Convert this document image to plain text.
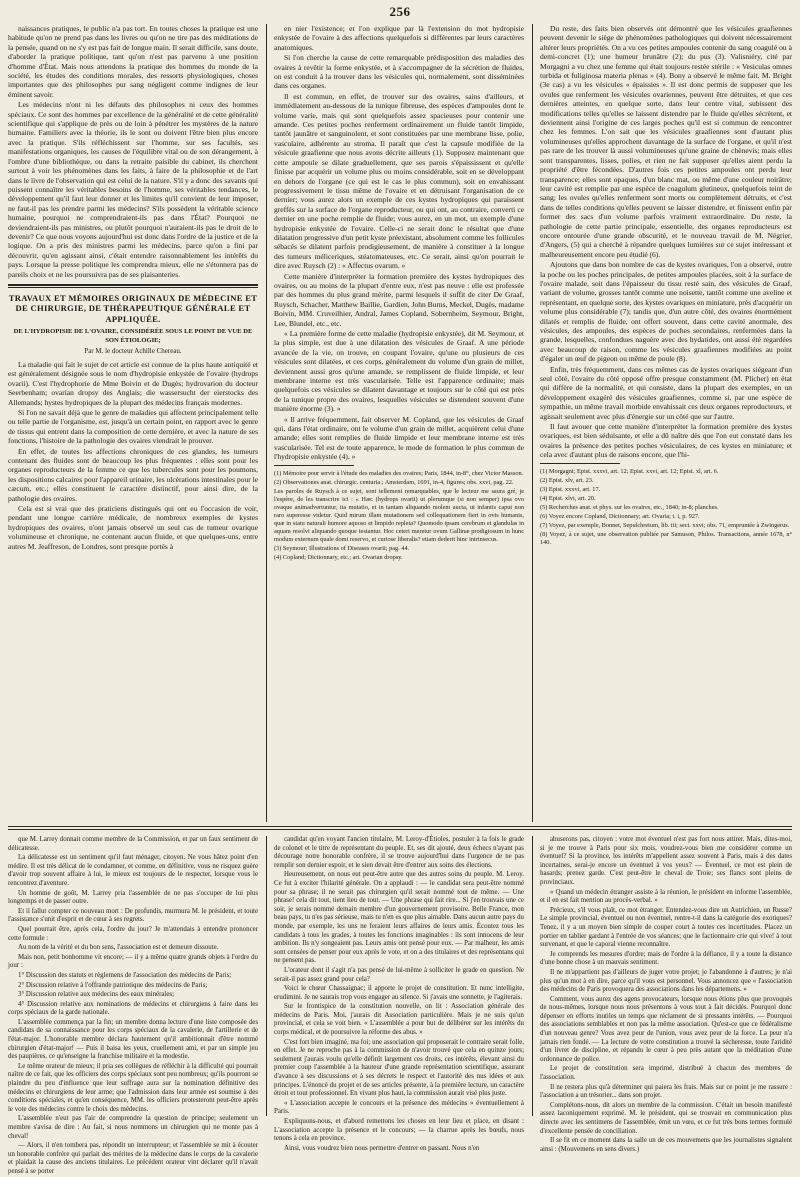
256

naissances pratiques, le public n'a pas tort. En toutes choses la pratique est une habitude qu'on ne prend pas dans les livres ou qu'on ne tire pas des méditations de la pensée, quand on ne s'y est pas fait de longue main. Il serait difficile, sans doute, d'aborder la pratique politique, tant qu'on n'est pas parvenu à une position d'homme d'État. Mais nous attendons la pratique des hommes du monde de la société, les études des conditions morales, des ressorts physiologiques, choses importantes que des philosophes pur sang négligent comme indignes de leur éminent savoir.

Les médecins n'ont ni les défauts des philosophes ni ceux des hommes spéciaux. Ce sont des hommes par excellence de la généralité et de cette généralité scientifique qui s'applique de près ou de loin à pénétrer les mystères de la nature humaine. Familiers avec la théorie, ils le sont ou doivent l'être bien plus encore avec la pratique. S'ils réfléchissent sur l'homme, sur ses facultés, ses manifestations organiques, les causes de l'équilibre vital ou de son dérangement, à l'ombre d'une bibliothèque, ou dans la retraite paisible du cabinet, ils cherchent surtout à voir les phénomènes dans les faits, à faire de la philosophie et de l'art dans le livre de l'observation qui est celui de la nature. S'il y a donc des savants qui puissent connaître les véritables besoins de l'homme, ses véritables tendances, le développement qu'il faut leur donner et les limites qu'il convient de leur imposer, ne faut-il pas les prendre parmi les médecins? S'ils possèdent la véritable science humaine, pourquoi ne comprendraient-ils pas dans l'État? Pourquoi ne deviendraient-ils pas ministres, ou plutôt pourquoi n'auraient-ils pas le droit de le devenir? Ce que nous voyons aujourd'hui est donc dans l'ordre de la justice et de la logique. On a pris des ministres parmi les médecins, parce qu'on a fini par découvrir, qu'en agissant ainsi, c'était entendre raisonnablement les intérêts du pays. Lorsque la presse politique les comprendra mieux, elle ne s'étonnera pas de pareils choix et ne les poursuivra pas de ses plaisanteries.

TRAVAUX ET MÉMOIRES ORIGINAUX DE MÉDECINE ET DE CHIRURGIE, DE THÉRAPEUTIQUE GÉNÉRALE ET APPLIQUÉE.
DE L'HYDROPISIE DE L'OVAIRE, CONSIDÉRÉE SOUS LE POINT DE VUE DE SON ÉTIOLOGIE;
Par M. le docteur Achille Chereau.

La maladie qui fait le sujet de cet article est connue de la plus haute antiquité et est généralement désignée sous le nom d'hydropisie enkystée de l'ovaire (hydrops ovarii). C'est l'hydrophorie de Mme Boivin et de Dugès; hydrovarion du docteur Seerbenham; ovarian dropsy des Anglais; die wassersucht der eierstocks des Allemands; hystes hydropiques de la plupart des médecins français modernes.

Si l'on ne savait déjà que le genre de maladies qui affectent principalement telle ou telle partie de l'organisme, est, jusqu'à un certain point, en rapport avec le genre de tissus qui entrent dans la composition de cette dernière, et avec la nature de ses fonctions, l'histoire de la pathologie des ovaires viendrait le prouver.

En effet, de toutes les affections chroniques de ces glandes, les tumeurs contenant des fluides sont de beaucoup les plus fréquentes : elles sont pour les organes reproducteurs de la femme ce que les tubercules sont pour les poumons, les dispositions calcaires pour l'appareil urinaire, les ulcérations intestinales pour le cæcum, etc.; elles constituent le caractère distinctif, pour ainsi dire, de la pathologie des ovaires.

Cela est si vrai que des praticiens distingués qui ont eu l'occasion de voir, pendant une longue carrière médicale, de nombreux exemples de kystes hydropiques des ovaires, n'ont jamais observé un seul cas de tumeur ovarique volumineuse et chronique, ne contenant aucun fluide, et que quelques-uns, entre autres M. Jeaffreson, de Londres, sont presque portés à

en nier l'existence; et l'on explique par là l'extension du mot hydropisie enkystée de l'ovaire à des affections quelquefois si différentes par leurs caractères anatomiques.

Si l'on cherche la cause de cette remarquable prédisposition des maladies des ovaires à revêtir la forme enkystée, et à s'accompagner de la sécrétion de fluides, on est conduit à la trouver dans les vésicules qui, normalement, sont disséminées dans ces organes.

Il est commun, en effet, de trouver sur des ovaires, sains d'ailleurs, et immédiatement au-dessous de la tunique fibreuse, des espèces d'ampoules dont le volume varie, mais qui sont quelquefois assez spacieuses pour contenir une amande. Ces petites poches renferment ordinairement un fluide tantôt limpide, tantôt jaunâtre et sanguinolent, et sont constituées par une membrane lisse, polie, vasculaire, adhérente au stroma. Il paraît que c'est la capsule modifiée de la vésicule graafienne que nous avons décrite ailleurs (1). Supposez maintenant que cette ampoule se dilate graduellement, que ses parois s'épaississent et qu'elle finisse par acquérir un volume plus ou moins considérable, soit en se développant en dehors de l'organe (ce qui est le cas le plus commun), soit en envahissant progressivement le tissu même de l'ovaire et en détruisant l'organisation de ce dernier; vous aurez alors un exemple de ces kystes hydropiques qui paraissent greffés sur la surface de l'organe reproducteur, ou qui ont, au contraire, converti ce dernier en une poche remplie de fluide; vous aurez, en un mot, un exemple d'une hydropisie enkystée de l'ovaire. Celle-ci ne serait donc le résultat que d'une dilatation progressive d'un petit kyste préexistant, absolument comme les follicules sébacés se dilatent parfois prodigieusement, de manière à constituer à la longue des tumeurs méliceriques, stéatomateuses, etc. Ce serait, ainsi qu'on pourrait le dire avec Ruysch (2) : « Affectus ovarum. »

Cette manière d'interpréter la formation première des kystes hydropiques des ovaires, ou au moins de la plupart d'entre eux, n'est pas neuve : elle est professée par des hommes du plus grand mérite, parmi lesquels il suffit de citer De Graaf, Ruysch, Schacher, Matthew Baillie, Gardien, John Burns, Meckel, Dugès, madame Boivin, MM. Cruveilhier, Andral, James Copland, Sobernheim, Seymour, Bright, Lee, Blundel, etc., etc.

« La première forme de cette maladie (hydropisie enkystée), dit M. Seymour, et la plus simple, est due à une dilatation des vésicules de Graaf. A une période avancée de la vie, on trouve, en coupant l'ovaire, qu'une ou plusieurs de ces vésicules sont dilatées, et ces corps, généralement du volume d'un grain de millet, deviennent aussi gros qu'une amande, se remplissent de fluide limpide, et leur membrane interne est très vascularisée. Telle est l'apparence ordinaire; mais quelquefois ces vésicules se dilatent davantage et toujours sur le côté qui est près de la tunique propre des ovaires, lesquelles vésicules se distendent souvent d'une manière énorme (3). »

« Il arrive fréquemment, fait observer M. Copland, que les vésicules de Graaf qui, dans l'état ordinaire, ont le volume d'un grain de millet, acquièrent celui d'une amande; elles sont remplies de fluide limpide et leur membrane interne est très vascularisée. Tel est de toute apparence, le mode de formation le plus commun de l'hydropisie enkystée (4). »

(1) Mémoire pour servir à l'étude des maladies des ovaires; Paris, 1844, in-8°, chez Victor Masson.

(2) Observationes anat. chirurgic. centuria.; Amsterdam, 1691, in-4, figures; obs. xxvi, pag. 22.

Les paroles de Ruysch à ce sujet, sont tellement remarquables, que le lecteur me saura gré, je l'espère, de les transcrire ici : « Hæc (hydrops ovarii) ut plerumque (si non semper) ipsa ovo ovaque animadvertuntur, ita mutatio, et in tantam aliquando molem aucta, ut infantis caput non raro superesse videtur. Quid mirum illam mutationem sed collequationem fieri in ovis humanis, quæ in statu naturali humore aquoso et limpido repleta? Quomodo ipsam cerebrum et glandulas in aquam resolvi aliquando quoque testantur. Hoc ceteri meretur ovum Gallinæ prodigiosum in hunc modum externum quale domi reservo, et curiose liberalis? etiam dederit hinc intrinsecus.

(3) Seymour; Illustrations of Diseases ovarii; pag. 44.

(4) Copland; Dictionnary, etc.; art. Ovarian dropsy.

Du reste, des faits bien observés ont démontré que les vésicules graafiennes peuvent devenir le siège de phénomènes pathologiques qui doivent nécessairement altérer leurs propriétés. On a vu ces petites ampoules contenir du sang coagulé ou à demi-concret (1); une humeur brunâtre (2); du pus (3). Valisniéry, cité par Morgagni a vu chez une femme qui était toujours restée stérile : « Vesiculas omnes turbida et fuliginosa materia plenas » (4). Bony a observé le même fait. M. Bright (3e cas) a vu les vésicules « épaissies ». Il est donc permis de supposer que les ovules que renferment les vésicules ovariennes, peuvent être détruites, et que ces dernières atteintes, en quelque sorte, dans leur centre vital, subissent des modifications telles qu'elles se laissent distendre par le fluide qu'elles sécrètent, et deviennent ainsi l'origine de ces larges poches qu'il est si commun de rencontrer chez les femmes. L'on sait que les vésicules graafiennes sont d'autant plus volumineuses qu'elles approchent davantage de la surface de l'organe, et qu'il n'est pas rare de les trouver là aussi volumineuses qu'une graine de chènevis; mais elles sont transparentes, lisses, polies, et rien ne fait supposer qu'elles aient perdu la propriété d'être fécondées. D'autres fois ces petites ampoules ont perdu leur transparence; elles sont opaques, d'un blanc mat, ou même d'une couleur noirâtre; leur cavité est remplie par une espèce de coagulum glutineux, quelquefois teint de sang; les ovules qu'elles renferment sont morts ou complètement détruits, et c'est dans de telles conditions qu'elles peuvent se laisser distendre, et finissent enfin par former des sacs d'un volume parfois vraiment extraordinaire. Du reste, la pathologie de cette partie principale, essentielle, des organes reproducteurs est encore entourée d'une grande obscurité, et le nouveau travail de M. Négrier, d'Angers, (5) qui a cherché à répandre quelques lumières sur ce sujet intéressant et malheureusement encore peu étudié (6).

Ajoutons que dans bon nombre de cas de kystes ovariques, l'on a observé, outre la poche ou les poches principales, de petites ampoules placées, soit à la surface de l'ovaire malade, soit dans l'épaisseur du tissu resté sain, des vésicules de Graaf, variant de volume, grosses tantôt comme une noisette, tantôt comme une aveline et représentant, en quelque sorte, des kystes ovariques en miniature, près d'acquérir un volume plus considérable (7); tandis que, d'un autre côté, des ovaires énormément dilatés et remplis de fluide, ont offert souvent, dans cette cavité anormale, des vésicules, des ampoules, des espèces de poches secondaires, renfermées dans la grande, lesquelles, confondues naguère avec des hydatides, ont aussi été regardées avec beaucoup de raison, comme les vésicules graafiennes modifiées au point d'égaler un œuf de pigeon ou même de poule (8).

Enfin, très fréquemment, dans ces mêmes cas de kystes ovariques siégeant d'un seul côté, l'ovaire du côté opposé offre presque constamment (M. Plicher) en état qui diffère de la normalité, et qui consiste, dans la plupart des exemples, en un développement exagéré des vésicules graafiennes, comme si, par une espèce de sympathie, un même travail morbide envahissait ces deux organes reproducteurs, et agissait seulement avec plus d'énergie sur un côté que sur l'autre.

Il faut avouer que cette manière d'interpréter la formation première des kystes ovariques, est bien séduisante, et elle a dû naître dès que l'on eut constaté dans les ovaires la présence des petites poches vésiculaires, de ces kystes en miniature; et cela avec d'autant plus de raisons encore, que l'hi-

(1) Morgagni; Epist. xxxvi, art. 12; Epist. xxvi, art. 12; Epist. xl, art. 6.

(2) Epist. xlv, art. 23.

(3) Epist. xxxvi, art. 17.

(4) Epist. xlvi, art. 20.

(5) Recherches anat. et phys. sur les ovaires, etc., 1840; in-8; planches.

(6) Voyez encore Copland, Dictionnary; art. Ovaria; t. i, p. 927.

(7) Voyez, par exemple, Bonnet, Sepulchretum, lib. iii; sect. xxvi; obs. 71, empruntée à Zwingerus.

(8) Voyez, à ce sujet, une observation publiée par Samuson, Philos. Transactions, année 1678, n° 140.

que M. Larrey donnait comme membre de la Commission, et par un faux sentiment de délicatesse.

La délicatesse est un sentiment qu'il faut ménager, citoyen. Ne vous hâtez point d'en médire. Il est très délicat de le condamner, et comme, en définitive, vous ne risquez guère d'avoir trop souvent affaire à lui, le mieux est toujours de le respecter, lorsque vous le rencontrez d'aventure.

Un homme de goût, M. Larrey pria l'assemblée de ne pas s'occuper de lui plus longtemps et de passer outre.

Et il fallut compter ce nouveau mort : De profundis, murmura M. le président, et toute l'assistance s'unit d'esprit et de cœur à ses regrets.

Quel pourrait être, après cela, l'ordre du jour? Je m'attendais à entendre prononcer cette formule :

Au nom de la vérité et du bon sens, l'association est et demeure dissoute.

Mais non, petit bonhomme vit encore; — il y a même quatre grands objets à l'ordre du jour :

1° Discussion des statuts et règlemens de l'association des médecins de Paris;

2° Discussion relative à l'offrande patriotique des médecins de Paris;

3° Discussion relative aux médecins des eaux minérales;

4° Discussion relative aux nominations de médecins et chirurgiens à faire dans les corps spéciaux de la garde nationale.

L'assemblée commença par la fin; un membre donna lecture d'une liste composée des candidats de sa connaissance pour les corps spéciaux de la cavalerie, de l'artillerie et de l'état-major. L'honorable membre déclara hautement qu'il ambitionnait d'être nommé chirurgien d'état-major! — Puis il baisa les yeux, cruellement ami, et par un simple jeu des paupières, ce qu'enseigne la franchise militaire et la modestie.

Le même orateur de mieux; il pria ses collègues de réfléchir à la difficulté qui pourrait naître de ce fait, que les officiers des corps spéciaux sont peu nombreux; qu'ils pourront se plaindre du peu d'influence que leur suffrage aura sur la nomination définitive des médecins et chirurgiens de leur arme; que l'admission dans leur armée est soumise à des conditions spéciales, et qu'en conséquence, MM. les officiers protesteront peut-être après le vote des médecins contre le choix des médecins.

L'assemblée n'eut pas l'air de comprendre la question de principe; seulement un membre s'avisa de dire : Au fait, si nous nommons un chirurgien qui ne monte pas à cheval!

— Alors, il n'en tombera pas, répondit un interrupteur; et l'assemblée se mit à écouter un honorable confrère qui parlait des mérites de la médecine dans le corps de la cavalerie et plaidait la cause des anciens titulaires. Le précédent orateur vint déclarer qu'il n'avait pensé à se porter

candidat qu'en voyant l'ancien titulaire, M. Leroy-d'Étioles, postuler à la fois le grade de colonel et le titre de représentant du peuple. Et, ses dit ajouté, deux échecs n'ayant pas décourage notre honorable confrère, il se trouve aujourd'hui dans l'urgence de ne pas remplir son dernier espoir, et le sien devait être d'entrer aux soins des élections.

Heureusement, on nous eut peut-être autre que des autres soins du peuple. M. Leroy. Ce fut à exciter l'hilarité générale. On a applaudi : — le candidat sera peut-être nommé pour sa phrase; il ne serait pas chirurgien qu'il serait nommé tout de même. — Une phrase! cela dit tout, tient lieu de tout. — Une phrase qui fait rire... Si j'en trouvais une ce soir, je serais nommé demain membre d'un gouvernement provisoire. Belle France, mon beau pays, tu n'es pas sérieuse, mais tu n'en es que plus aimable. Dans aucun autre pays du monde, par exemple, les uns ne feraient leurs affaires de leurs amis. Écoutez tous les candidats à tous les grades, à toutes les fonctions imaginables : ils sont innocens de leur ambition. Ils n'y songeaient pas. Leurs amis ont pensé pour eux. — Par malheur, les amis sont censées de penser pour eux après le vote, et on a des titulaires et des représentans qui ne pensent pas.

L'orateur dont il s'agit n'a pas pensé de lui-même à solliciter le grade en question. Ne serait-il pas assez grand pour cela?

Voici le chœur Chassaignac; il apporte le projet de constitution. Et nunc intelligite, erudimini. Je ne saurais trop vous engager au silence. Si j'avais une sonnette, je l'agiterais.

Sur le frontispice de la constitution nouvelle, on lit : Association générale des médecins de Paris. Moi, j'aurais dit Association particulière. Mais je ne suis qu'un provincial, et cela se voit bien. « L'assemblée a pour but de délibérer sur les intérêts du corps médical, et de poursuivre la réforme des abus. »

C'est fort bien imaginé, ma foi; une association qui proposerait le contraire serait folle, en effet. Je ne reproche pas à la commission de n'avoir trouvé que cela en quinze jours; seulement j'aurais voulu qu'elle définît largement ces droits, ces intérêts, élevant ainsi du premier coup l'assemblée à la hauteur d'une grande représentation scientifique, assurant d'avance à ses discussions et à ses décrets le respect et l'autorité des nus idées et aux principes. L'énoncé du projet et de ses articles présente, à la première lecture, un caractère étroit et tout professionnel. En vivant plus haut, la commission aurait visé plus juste.

« L'association accepte le concours et la présence des médecins » éventuellement à Paris.

Expliquons-nous, et d'abord remettons les choses en leur lieu et place, en disant : L'association accepte la présence et le concours; — la charrue après les bœufs, nous tenons à cela en province.

Ainsi, vous voudrez bien nous permettre d'entrer en passant. Nous n'en

abuserons pas, citoyen : votre mot éventuel n'est pas fort nous attirer. Mais, dites-moi, si je me trouve à Paris pour six mois, voudrez-vous bien me considérer comme un éventuel? Si la province, les intérêts m'appellent assez souvent à Paris, mais à des dates incertaines, serai-je encore un éventuel à vos yeux? — Éventuel, ce mot est plein de hasards; prenez garde. C'est peut-être le cheval de Troie; ses flancs sont pleins de provinciaux.

« Quand un médecin étranger assiste à la réunion, le président en informe l'assemblée, et il en est fait mention au procès-verbal. »

Précieux, s'il vous plaît, ce mot étranger. Entendez-vous dire un Autrichien, un Russe? Le simple provincial, éventuel ou non éventuel, rentre-t-il dans la catégorie des exotiques? Tenez, il y a un moyen bien simple de couper court à toutes ces incertitudes. Placez un portier en tablier gardant à l'entrée de vos séances; que le factionnaire crie qui vive! à tout survenant, et que le caporal vienne reconnaître.

Je comprends les mesures d'ordre; mais de l'ordre à la défiance, il y a toute la distance d'une bonne chose à un mauvais sentiment.

Il ne m'appartient pas d'ailleurs de juger votre projet; je l'abandonne à d'autres; je n'ai plus qu'un mot à en dire, parce qu'il vous est personnel. Vous annoncez que « l'association des médecins de Paris provoquera des associations dans les départemens. »

Comment, vous aurez des agens provocateurs, lorsque nous étions plus que provoqués de nous-mêmes, lorsque nous nous présentons à vous tout à fait décidés. Pourquoi donc dépenser en efforts inutiles un temps que réclament de si pressants intérêts. — Pourquoi des associations semblables et non pas la même association. Qu'est-ce que ce fédéralisme d'un nouveau genre? Vous avez peur de l'union, vous avez peur de la force. La peur n'a jamais rien fondé. — La lecture de votre constitution a trouvé la sécheresse, toute l'aridité d'un livret de discipline, et répandu le cœur à peu près autant que la méditation d'une ordonnance de police.

Le projet de constitution sera imprimé, distribué à chacun des membres de l'association.

Il ne restera plus qu'à déterminer qui paiera les frais. Mais sur ce point je me rassure : l'association a un trésorier... dans son projet.

Complétons-nous, dit alors un membre de la commission. C'était un besoin manifesté assez laconiquement exprimé. M. le président, qui se trouvait en communication plus directe avec les sentimens de l'assemblée, émit un vœu, et ce fut très bons termes formulé d'excellente pensée de conciliation.

Il se fit en ce moment dans la salle un de ces mouvemens que les journalistes signalent ainsi : (Mouvemens en sens divers.)
